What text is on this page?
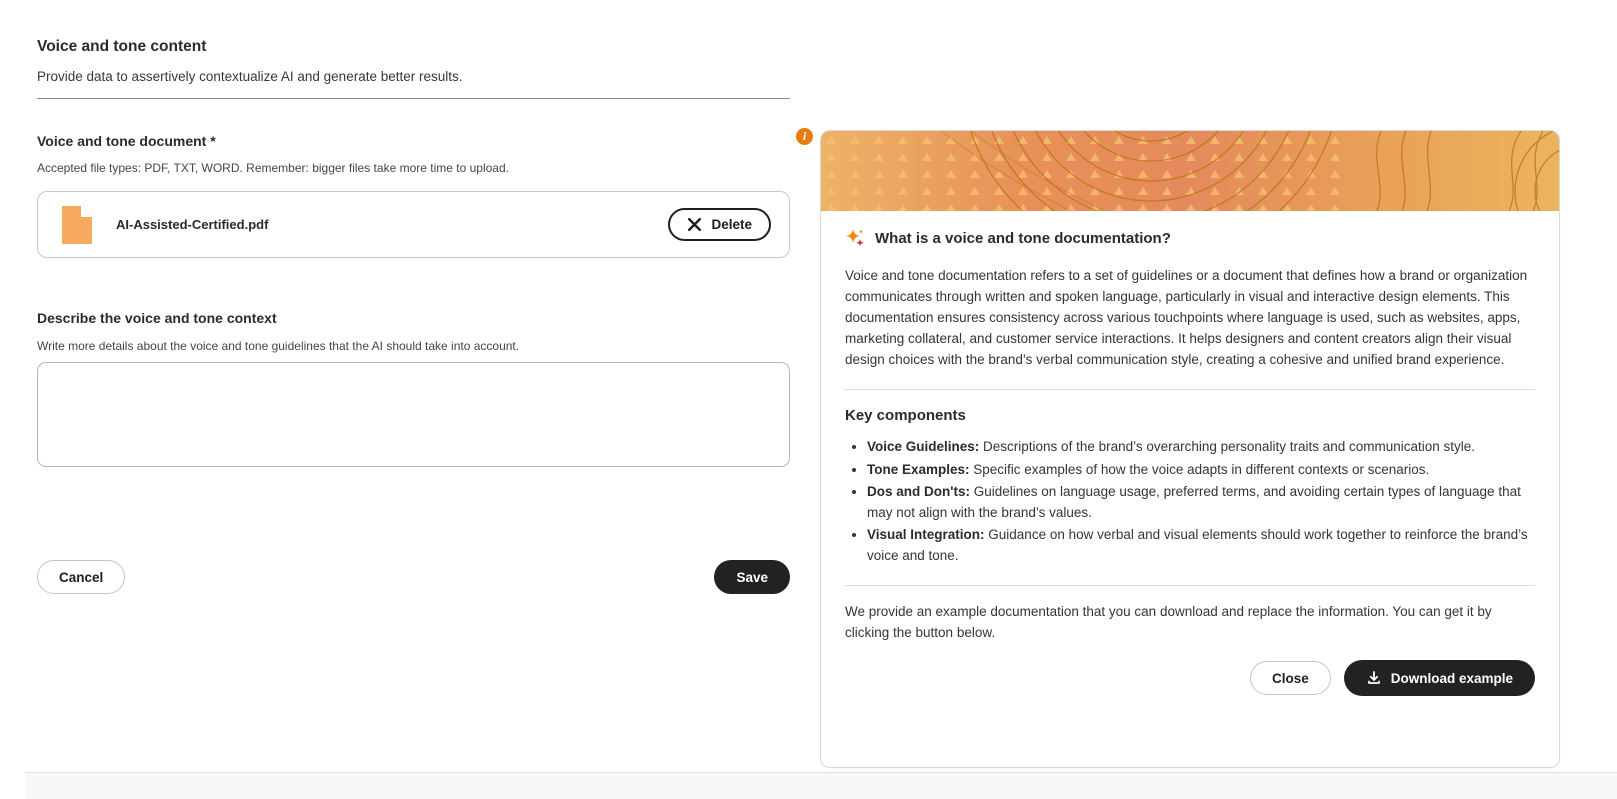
Voice and tone content
Provide data to assertively contextualize AI and generate better results.
Voice and tone document *	i
Accepted file types: PDF, TXT, WORD. Remember: bigger files take more time to upload.
AI-Assisted-Certified.pdf	Delete
Describe the voice and tone context
Write more details about the voice and tone guidelines that the AI should take into account.
Cancel	Save
What is a voice and tone documentation?

Voice and tone documentation refers to a set of guidelines or a document that defines how a brand or organization communicates through written and spoken language, particularly in visual and interactive design elements. This documentation ensures consistency across various touchpoints where language is used, such as websites, apps, marketing collateral, and customer service interactions. It helps designers and content creators align their visual design choices with the brand’s verbal communication style, creating a cohesive and unified brand experience.

Key components
• Voice Guidelines: Descriptions of the brand’s overarching personality traits and communication style.
• Tone Examples: Specific examples of how the voice adapts in different contexts or scenarios.
• Dos and Don'ts: Guidelines on language usage, preferred terms, and avoiding certain types of language that may not align with the brand’s values.
• Visual Integration: Guidance on how verbal and visual elements should work together to reinforce the brand’s voice and tone.

We provide an example documentation that you can download and replace the information. You can get it by clicking the button below.

Close	Download example
